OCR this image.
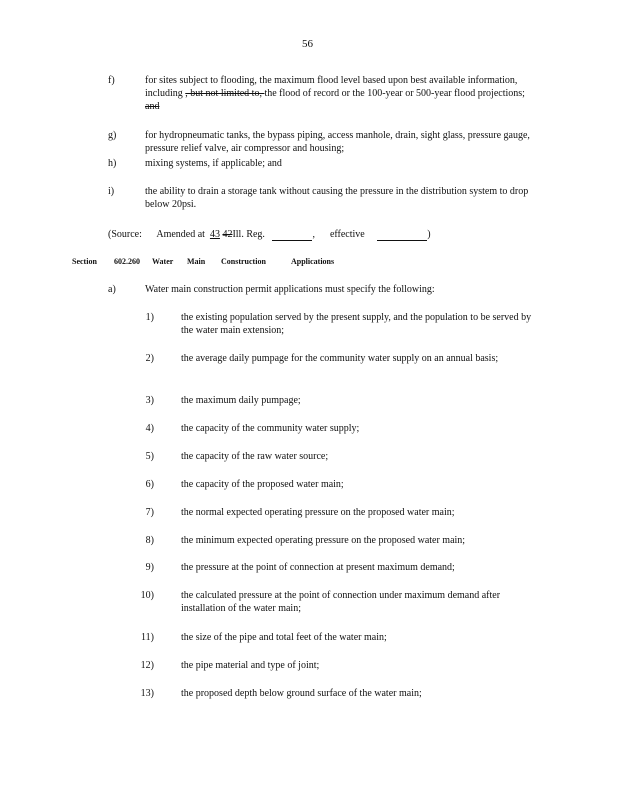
56
f)	for sites subject to flooding, the maximum flood level based upon best available information, including , but not limited to, the flood of record or the 100-year or 500-year flood projections; and
g)	for hydropneumatic tanks, the bypass piping, access manhole, drain, sight glass, pressure gauge, pressure relief valve, air compressor and housing;
h)	mixing systems, if applicable; and
i)	the ability to drain a storage tank without causing the pressure in the distribution system to drop below 20psi.
(Source: Amended at 43 42Ill. Reg.	, effective	)
Section 602.260 Water Main Construction	Applications
a)	Water main construction permit applications must specify the following:
1)	the existing population served by the present supply, and the population to be served by the water main extension;
2)	the average daily pumpage for the community water supply on an annual basis;
3)	the maximum daily pumpage;
4)	the capacity of the community water supply;
5)	the capacity of the raw water source;
6)	the capacity of the proposed water main;
7)	the normal expected operating pressure on the proposed water main;
8)	the minimum expected operating pressure on the proposed water main;
9)	the pressure at the point of connection at present maximum demand;
10)	the calculated pressure at the point of connection under maximum demand after installation of the water main;
11)	the size of the pipe and total feet of the water main;
12)	the pipe material and type of joint;
13)	the proposed depth below ground surface of the water main;
